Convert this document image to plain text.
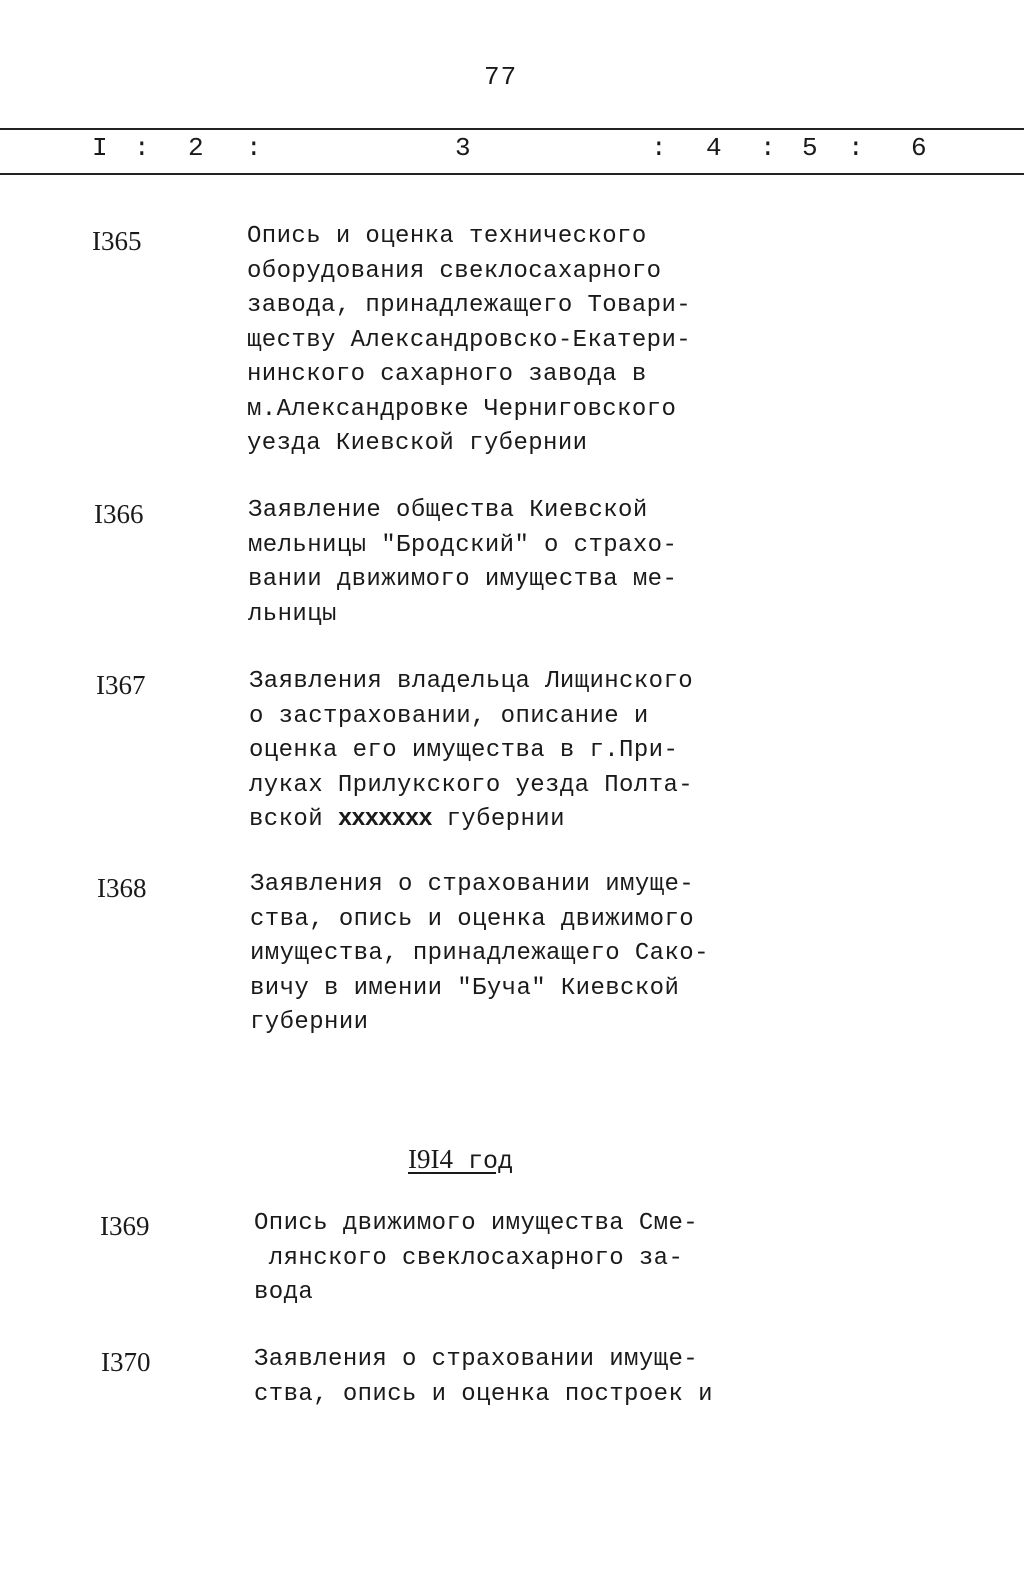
77
I : 2 :	3	: 4 : 5 : 6
I365	Опись и оценка технического
оборудования свеклосахарного
завода, принадлежащего Товари-
ществу Александровско-Екатери-
нинского сахарного завода в
м.Александровке Черниговского
уезда Киевской губернии
I366	Заявление общества Киевской
мельницы "Бродский" о страхо-
вании движимого имущества ме-
льницы
I367	Заявления владельца Лищинского
о застраховании, описание и
оценка его имущества в г.При-
луках Прилукского уезда Полта-
вской xxxxxxx губернии
I368	Заявления о страховании имуще-
ства, опись и оценка движимого
имущества, принадлежащего Сако-
вичу в имении "Буча" Киевской
губернии
I9I4 год
I369	Опись движимого имущества Сме-
лянского свеклосахарного за-
вода
I370	Заявления о страховании имуще-
ства, опись и оценка построек и
